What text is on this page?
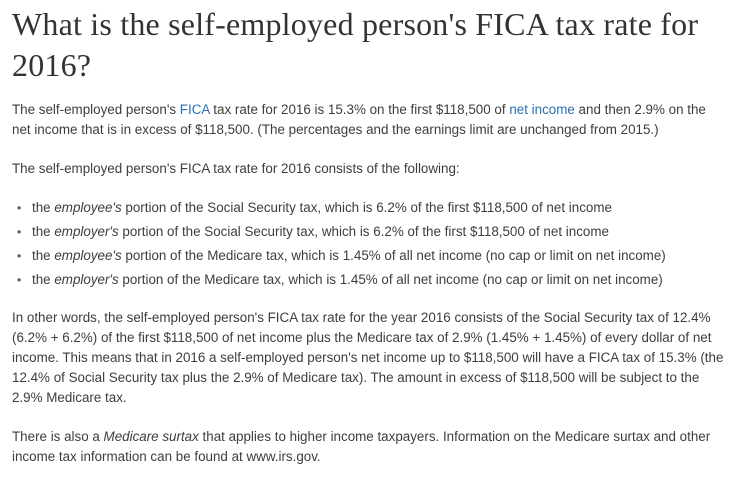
What is the self-employed person's FICA tax rate for 2016?

The self-employed person's FICA tax rate for 2016 is 15.3% on the first $118,500 of net income and then 2.9% on the net income that is in excess of $118,500. (The percentages and the earnings limit are unchanged from 2015.)

The self-employed person's FICA tax rate for 2016 consists of the following:

• the employee's portion of the Social Security tax, which is 6.2% of the first $118,500 of net income
• the employer's portion of the Social Security tax, which is 6.2% of the first $118,500 of net income
• the employee's portion of the Medicare tax, which is 1.45% of all net income (no cap or limit on net income)
• the employer's portion of the Medicare tax, which is 1.45% of all net income (no cap or limit on net income)

In other words, the self-employed person's FICA tax rate for the year 2016 consists of the Social Security tax of 12.4% (6.2% + 6.2%) of the first $118,500 of net income plus the Medicare tax of 2.9% (1.45% + 1.45%) of every dollar of net income. This means that in 2016 a self-employed person's net income up to $118,500 will have a FICA tax of 15.3% (the 12.4% of Social Security tax plus the 2.9% of Medicare tax). The amount in excess of $118,500 will be subject to the 2.9% Medicare tax.

There is also a Medicare surtax that applies to higher income taxpayers. Information on the Medicare surtax and other income tax information can be found at www.irs.gov.
